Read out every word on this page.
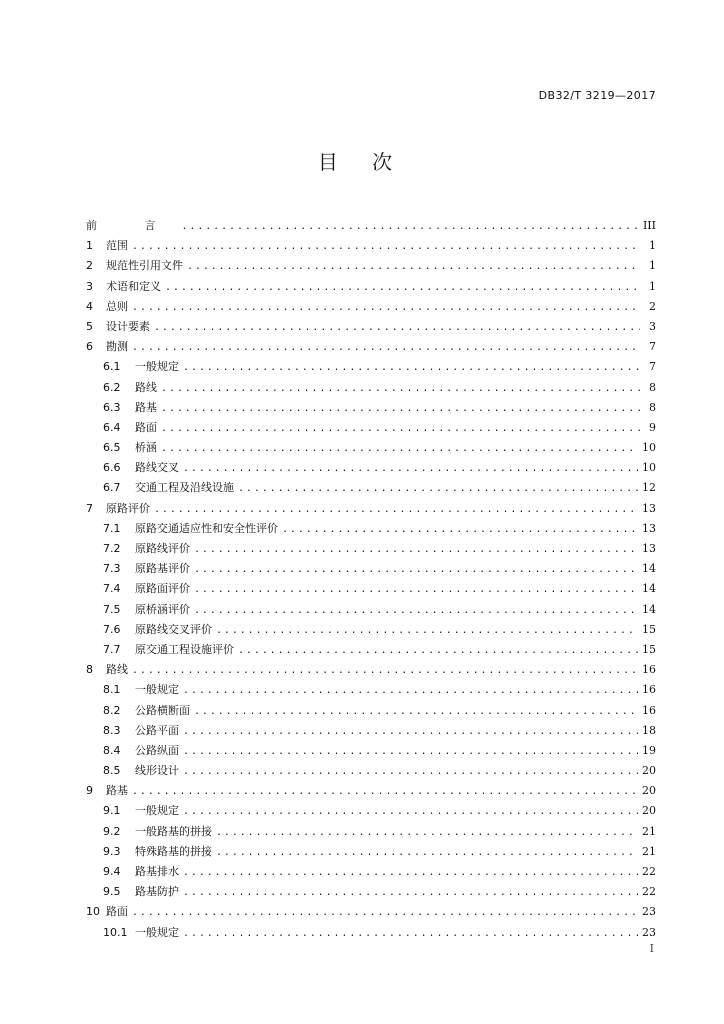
DB32/T 3219—2017
目 次
前 言 .....	III
1	范围 .....	1
2	规范性引用文件 .....	1
3	术语和定义 .....	1
4	总则 .....	2
5	设计要素 .....	3
6	勘测 .....	7
6.1	一般规定 .....	7
6.2	路线 .....	8
6.3	路基 .....	8
6.4	路面 .....	9
6.5	桥涵 .....	10
6.6	路线交叉 .....	10
6.7	交通工程及沿线设施 .....	12
7	原路评价 .....	13
7.1	原路交通适应性和安全性评价 .....	13
7.2	原路线评价 .....	13
7.3	原路基评价 .....	14
7.4	原路面评价 .....	14
7.5	原桥涵评价 .....	14
7.6	原路线交叉评价 .....	15
7.7	原交通工程设施评价 .....	15
8	路线 .....	16
8.1	一般规定 .....	16
8.2	公路横断面 .....	16
8.3	公路平面 .....	18
8.4	公路纵面 .....	19
8.5	线形设计 .....	20
9	路基 .....	20
9.1	一般规定 .....	20
9.2	一般路基的拼接 .....	21
9.3	特殊路基的拼接 .....	21
9.4	路基排水 .....	22
9.5	路基防护 .....	22
10 路面 .....	23
10.1 一般规定 .....	23
I
